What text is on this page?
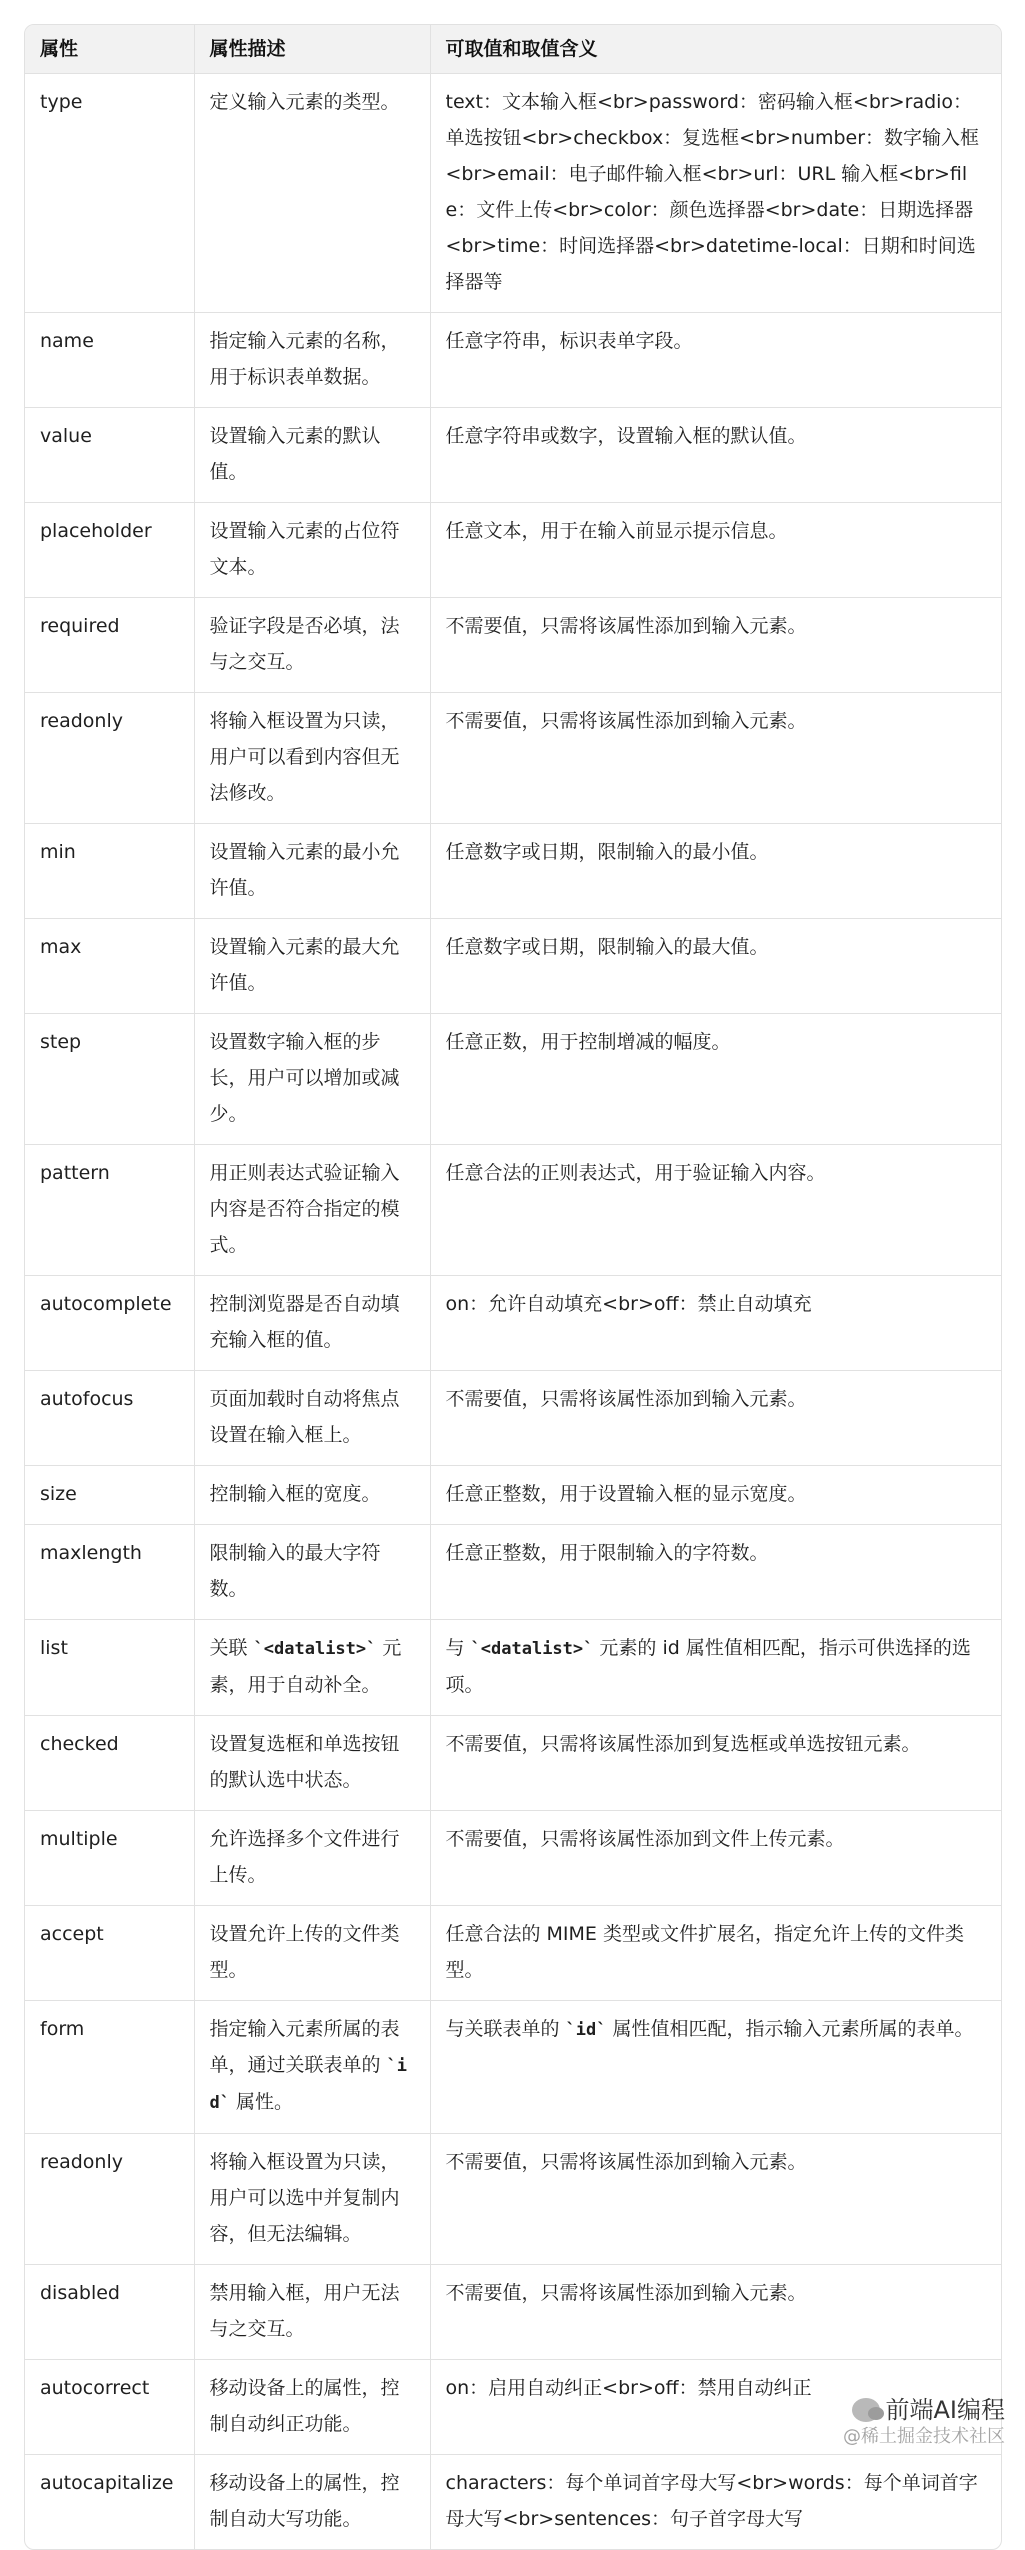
属性	属性描述	可取值和取值含义
type	定义输入元素的类型。	text：文本输入框<br>password：密码输入框<br>radio：单选按钮<br>checkbox：复选框<br>number：数字输入框<br>email：电子邮件输入框<br>url：URL 输入框<br>file：文件上传<br>color：颜色选择器<br>date：日期选择器<br>time：时间选择器<br>datetime-local：日期和时间选择器等
name	指定输入元素的名称，用于标识表单数据。	任意字符串，标识表单字段。
value	设置输入元素的默认值。	任意字符串或数字，设置输入框的默认值。
placeholder	设置输入元素的占位符文本。	任意文本，用于在输入前显示提示信息。
required	验证字段是否必填，法与之交互。	不需要值，只需将该属性添加到输入元素。
readonly	将输入框设置为只读，用户可以看到内容但无法修改。	不需要值，只需将该属性添加到输入元素。
min	设置输入元素的最小允许值。	任意数字或日期，限制输入的最小值。
max	设置输入元素的最大允许值。	任意数字或日期，限制输入的最大值。
step	设置数字输入框的步长，用户可以增加或减少。	任意正数，用于控制增减的幅度。
pattern	用正则表达式验证输入内容是否符合指定的模式。	任意合法的正则表达式，用于验证输入内容。
autocomplete	控制浏览器是否自动填充输入框的值。	on：允许自动填充<br>off：禁止自动填充
autofocus	页面加载时自动将焦点设置在输入框上。	不需要值，只需将该属性添加到输入元素。
size	控制输入框的宽度。	任意正整数，用于设置输入框的显示宽度。
maxlength	限制输入的最大字符数。	任意正整数，用于限制输入的字符数。
list	关联 `<datalist>` 元素，用于自动补全。	与 `<datalist>` 元素的 id 属性值相匹配，指示可供选择的选项。
checked	设置复选框和单选按钮的默认选中状态。	不需要值，只需将该属性添加到复选框或单选按钮元素。
multiple	允许选择多个文件进行上传。	不需要值，只需将该属性添加到文件上传元素。
accept	设置允许上传的文件类型。	任意合法的 MIME 类型或文件扩展名，指定允许上传的文件类型。
form	指定输入元素所属的表单，通过关联表单的 `id` 属性。	与关联表单的 `id` 属性值相匹配，指示输入元素所属的表单。
readonly	将输入框设置为只读，用户可以选中并复制内容，但无法编辑。	不需要值，只需将该属性添加到输入元素。
disabled	禁用输入框，用户无法与之交互。	不需要值，只需将该属性添加到输入元素。
autocorrect	移动设备上的属性，控制自动纠正功能。	on：启用自动纠正<br>off：禁用自动纠正
autocapitalize	移动设备上的属性，控制自动大写功能。	characters：每个单词首字母大写<br>words：每个单词首字母大写<br>sentences：句子首字母大写
前端AI编程
@稀土掘金技术社区
